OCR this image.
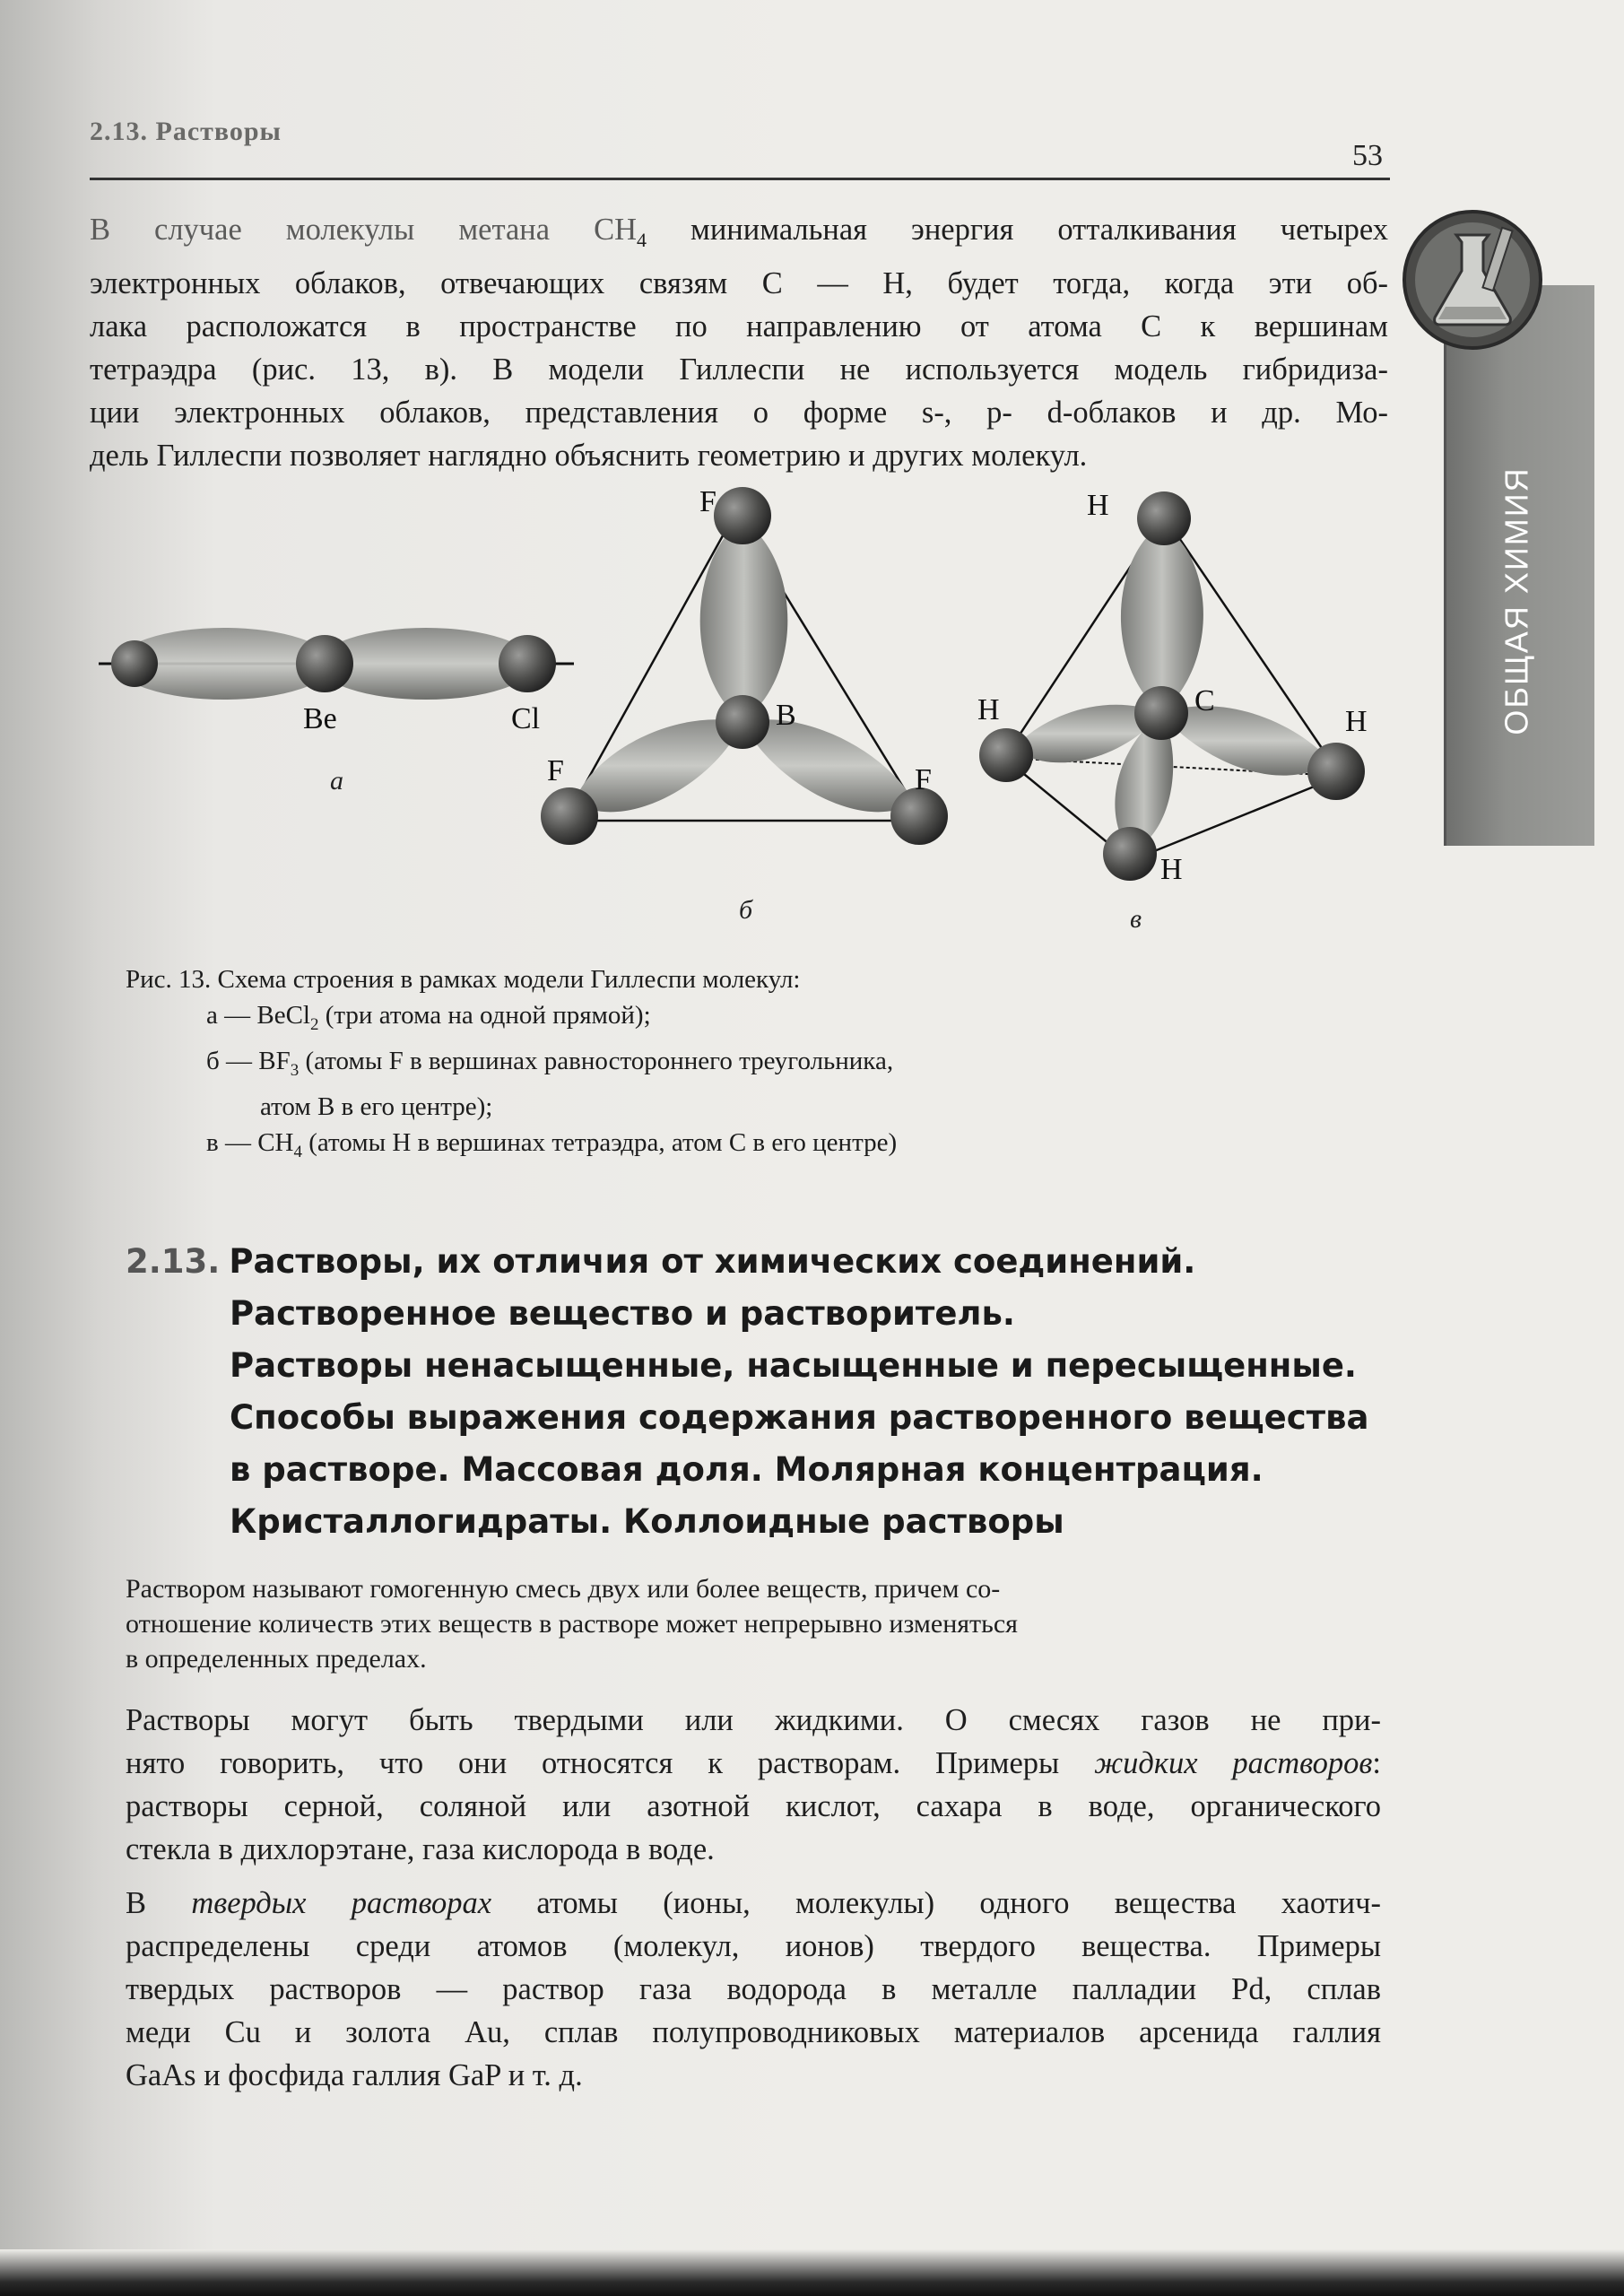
2.13. Растворы
53
ОБЩАЯ ХИМИЯ
В случае молекулы метана $CH_4$ минимальная энергия отталкивания четырех
электронных облаков, отвечающих связям C — H, будет тогда, когда эти об-
лака расположатся в пространстве по направлению от атома C к вершинам
тетраэдра (рис. 13, в). В модели Гиллеспи не используется модель гибридиза-
ции электронных облаков, представления о форме s-, p- d-облаков и др. Мо-
дель Гиллеспи позволяет наглядно объяснить геометрию и других молекул.
Be	Cl
а
F
B
F	F
б
H
C
H	H
H
в
Рис. 13. Схема строения в рамках модели Гиллеспи молекул:
а — BeCl$_2$ (три атома на одной прямой);
б — $BF_3$ (атомы F в вершинах равностороннего треугольника,
атом B в его центре);
в — $CH_4$ (атомы H в вершинах тетраэдра, атом C в его центре)
2.13. Растворы, их отличия от химических соединений.
Растворенное вещество и растворитель.
Растворы ненасыщенные, насыщенные и пересыщенные.
Способы выражения содержания растворенного вещества
в растворе. Массовая доля. Молярная концентрация.
Кристаллогидраты. Коллоидные растворы
Раствором называют гомогенную смесь двух или более веществ, причем со-
отношение количеств этих веществ в растворе может непрерывно изменяться
в определенных пределах.
Растворы могут быть твердыми или жидкими. О смесях газов не при-
нято говорить, что они относятся к растворам. Примеры жидких растворов:
растворы серной, соляной или азотной кислот, сахара в воде, органического
стекла в дихлорэтане, газа кислорода в воде.
В твердых растворах атомы (ионы, молекулы) одного вещества хаотич-
распределены среди атомов (молекул, ионов) твердого вещества. Примеры
твердых растворов — раствор газа водорода в металле палладии Pd, сплав
меди Cu и золота Au, сплав полупроводниковых материалов арсенида галлия
GaAs и фосфида галлия GaP и т. д.
